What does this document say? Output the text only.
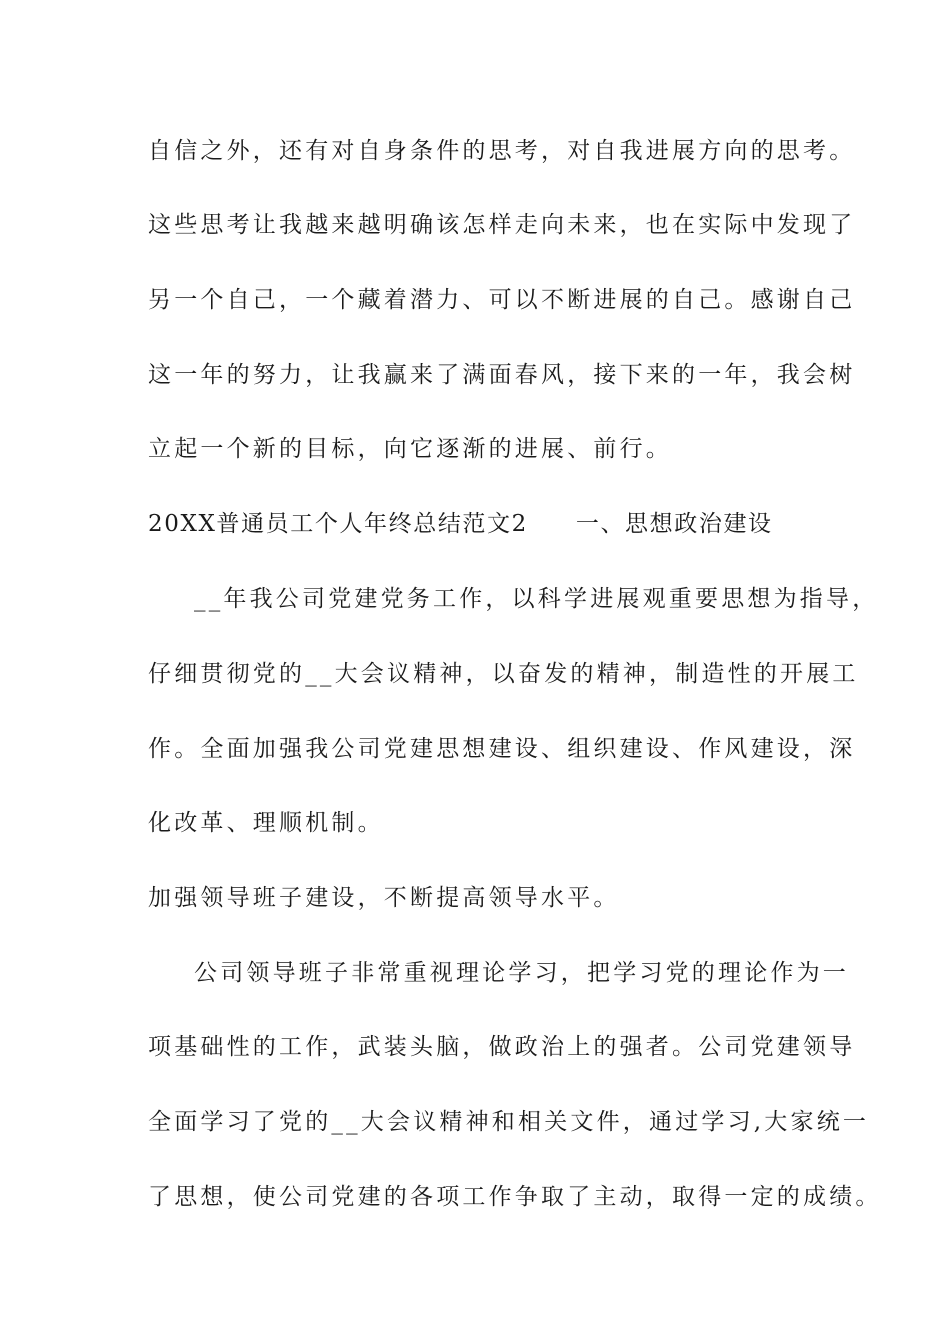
自信之外，还有对自身条件的思考，对自我进展方向的思考。
这些思考让我越来越明确该怎样走向未来，也在实际中发现了
另一个自己，一个藏着潜力、可以不断进展的自己。感谢自己
这一年的努力，让我赢来了满面春风，接下来的一年，我会树
立起一个新的目标，向它逐渐的进展、前行。
20XX普通员工个人年终总结范文2 一、思想政治建设
__年我公司党建党务工作，以科学进展观重要思想为指导，
仔细贯彻党的__大会议精神，以奋发的精神，制造性的开展工
作。全面加强我公司党建思想建设、组织建设、作风建设，深
化改革、理顺机制。
加强领导班子建设，不断提高领导水平。
公司领导班子非常重视理论学习，把学习党的理论作为一
项基础性的工作，武装头脑，做政治上的强者。公司党建领导
全面学习了党的__大会议精神和相关文件，通过学习,大家统一
了思想，使公司党建的各项工作争取了主动，取得一定的成绩。
